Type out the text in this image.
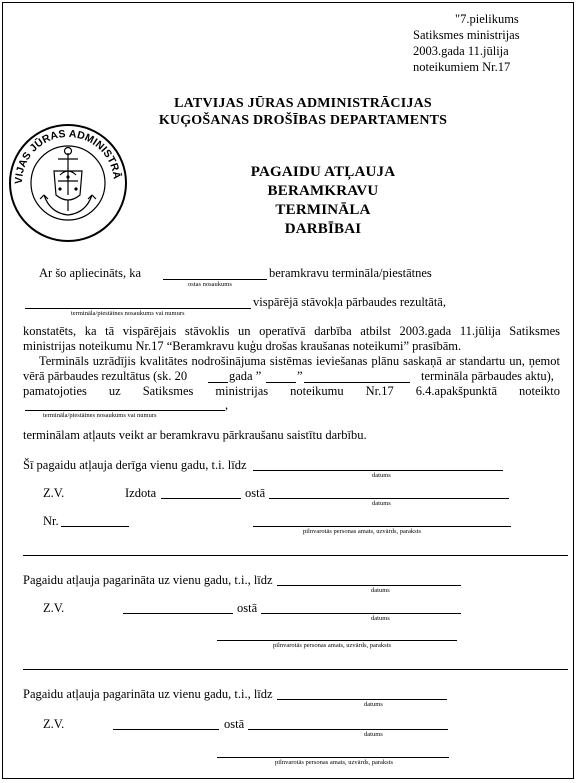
"7.pielikums
Satiksmes ministrijas
2003.gada 11.jūlija
noteikumiem Nr.17
VIJAS JŪRAS ADMINISTRĀ
LATVIJAS JŪRAS ADMINISTRĀCIJAS
KUĢOŠANAS DROŠĪBAS DEPARTAMENTS
PAGAIDU ATĻAUJA
BERAMKRAVU TERMINĀLA
DARBĪBAI
Ar šo apliecināts, ka
ostas nosaukums
beramkravu termināla/piestātnes
termināla/piestātnes nosaukums vai numurs
vispārējā stāvokļa pārbaudes rezultātā,
konstatēts, ka tā vispārējais stāvoklis un operatīvā darbība atbilst 2003.gada 11.jūlija Satiksmes
ministrijas noteikumu Nr.17 “Beramkravu kuģu drošas kraušanas noteikumi” prasībām.
Termināls uzrādījis kvalitātes nodrošinājuma sistēmas ieviešanas plānu saskaņā ar standartu un, ņemot
vērā pārbaudes rezultātus (sk. 20	gada ”	”	termināla pārbaudes aktu),
pamatojoties uz Satiksmes ministrijas noteikumu Nr.17 6.4.apakšpunktā noteikto
,
termināla/piestātnes nosaukums vai numurs
terminālam atļauts veikt ar beramkravu pārkraušanu saistītu darbību.
Šī pagaidu atļauja derīga vienu gadu, t.i. līdz
datums
Z.V.	Izdota	ostā
datums
Nr.
pilnvarotās personas amats, uzvārds, paraksts
Pagaidu atļauja pagarināta uz vienu gadu, t.i., līdz
datums
Z.V.	ostā
datums
pilnvarotās personas amats, uzvārds, paraksts
Pagaidu atļauja pagarināta uz vienu gadu, t.i., līdz
datums
Z.V.	ostā
datums
pilnvarotās personas amats, uzvārds, paraksts
